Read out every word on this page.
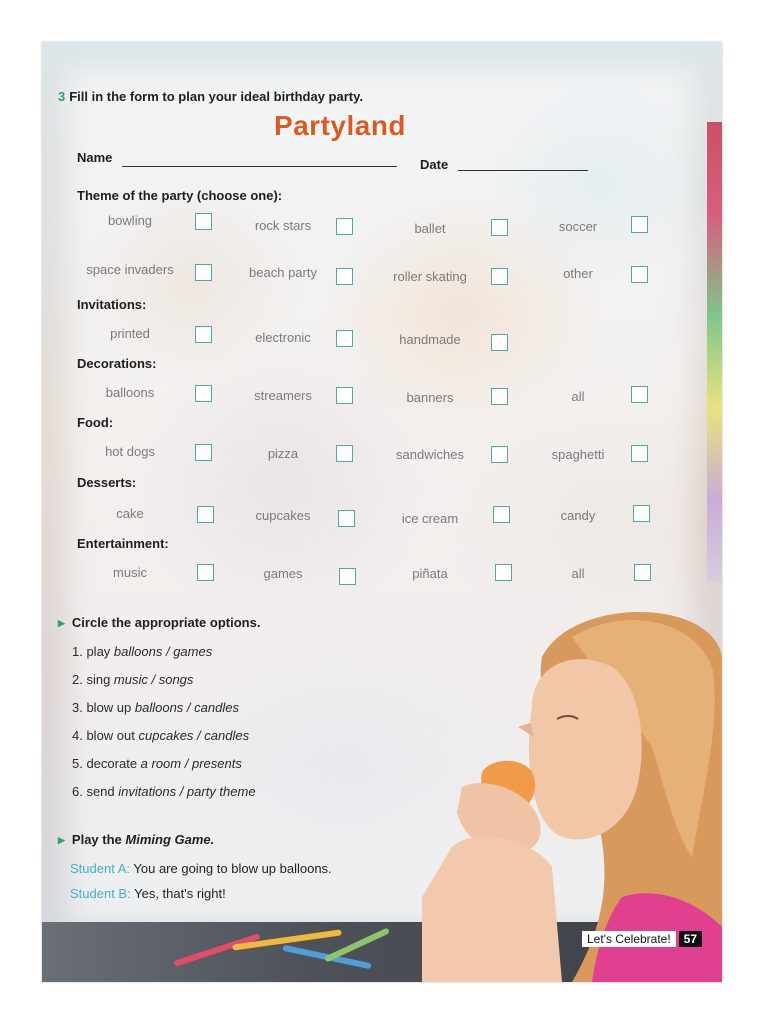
3 Fill in the form to plan your ideal birthday party.
Partyland
Name	Date
Theme of the party (choose one):
bowling	rock stars	ballet	soccer
space invaders	beach party	roller skating	other
Invitations:
printed	electronic	handmade
Decorations:
balloons	streamers	banners	all
Food:
hot dogs	pizza	sandwiches	spaghetti
Desserts:
cake	cupcakes	ice cream	candy
Entertainment:
music	games	piñata	all
▶ Circle the appropriate options.
1. play balloons / games
2. sing music / songs
3. blow up balloons / candles
4. blow out cupcakes / candles
5. decorate a room / presents
6. send invitations / party theme
▶ Play the Miming Game.
Student A: You are going to blow up balloons.
Student B: Yes, that's right!
Let's Celebrate!	57
